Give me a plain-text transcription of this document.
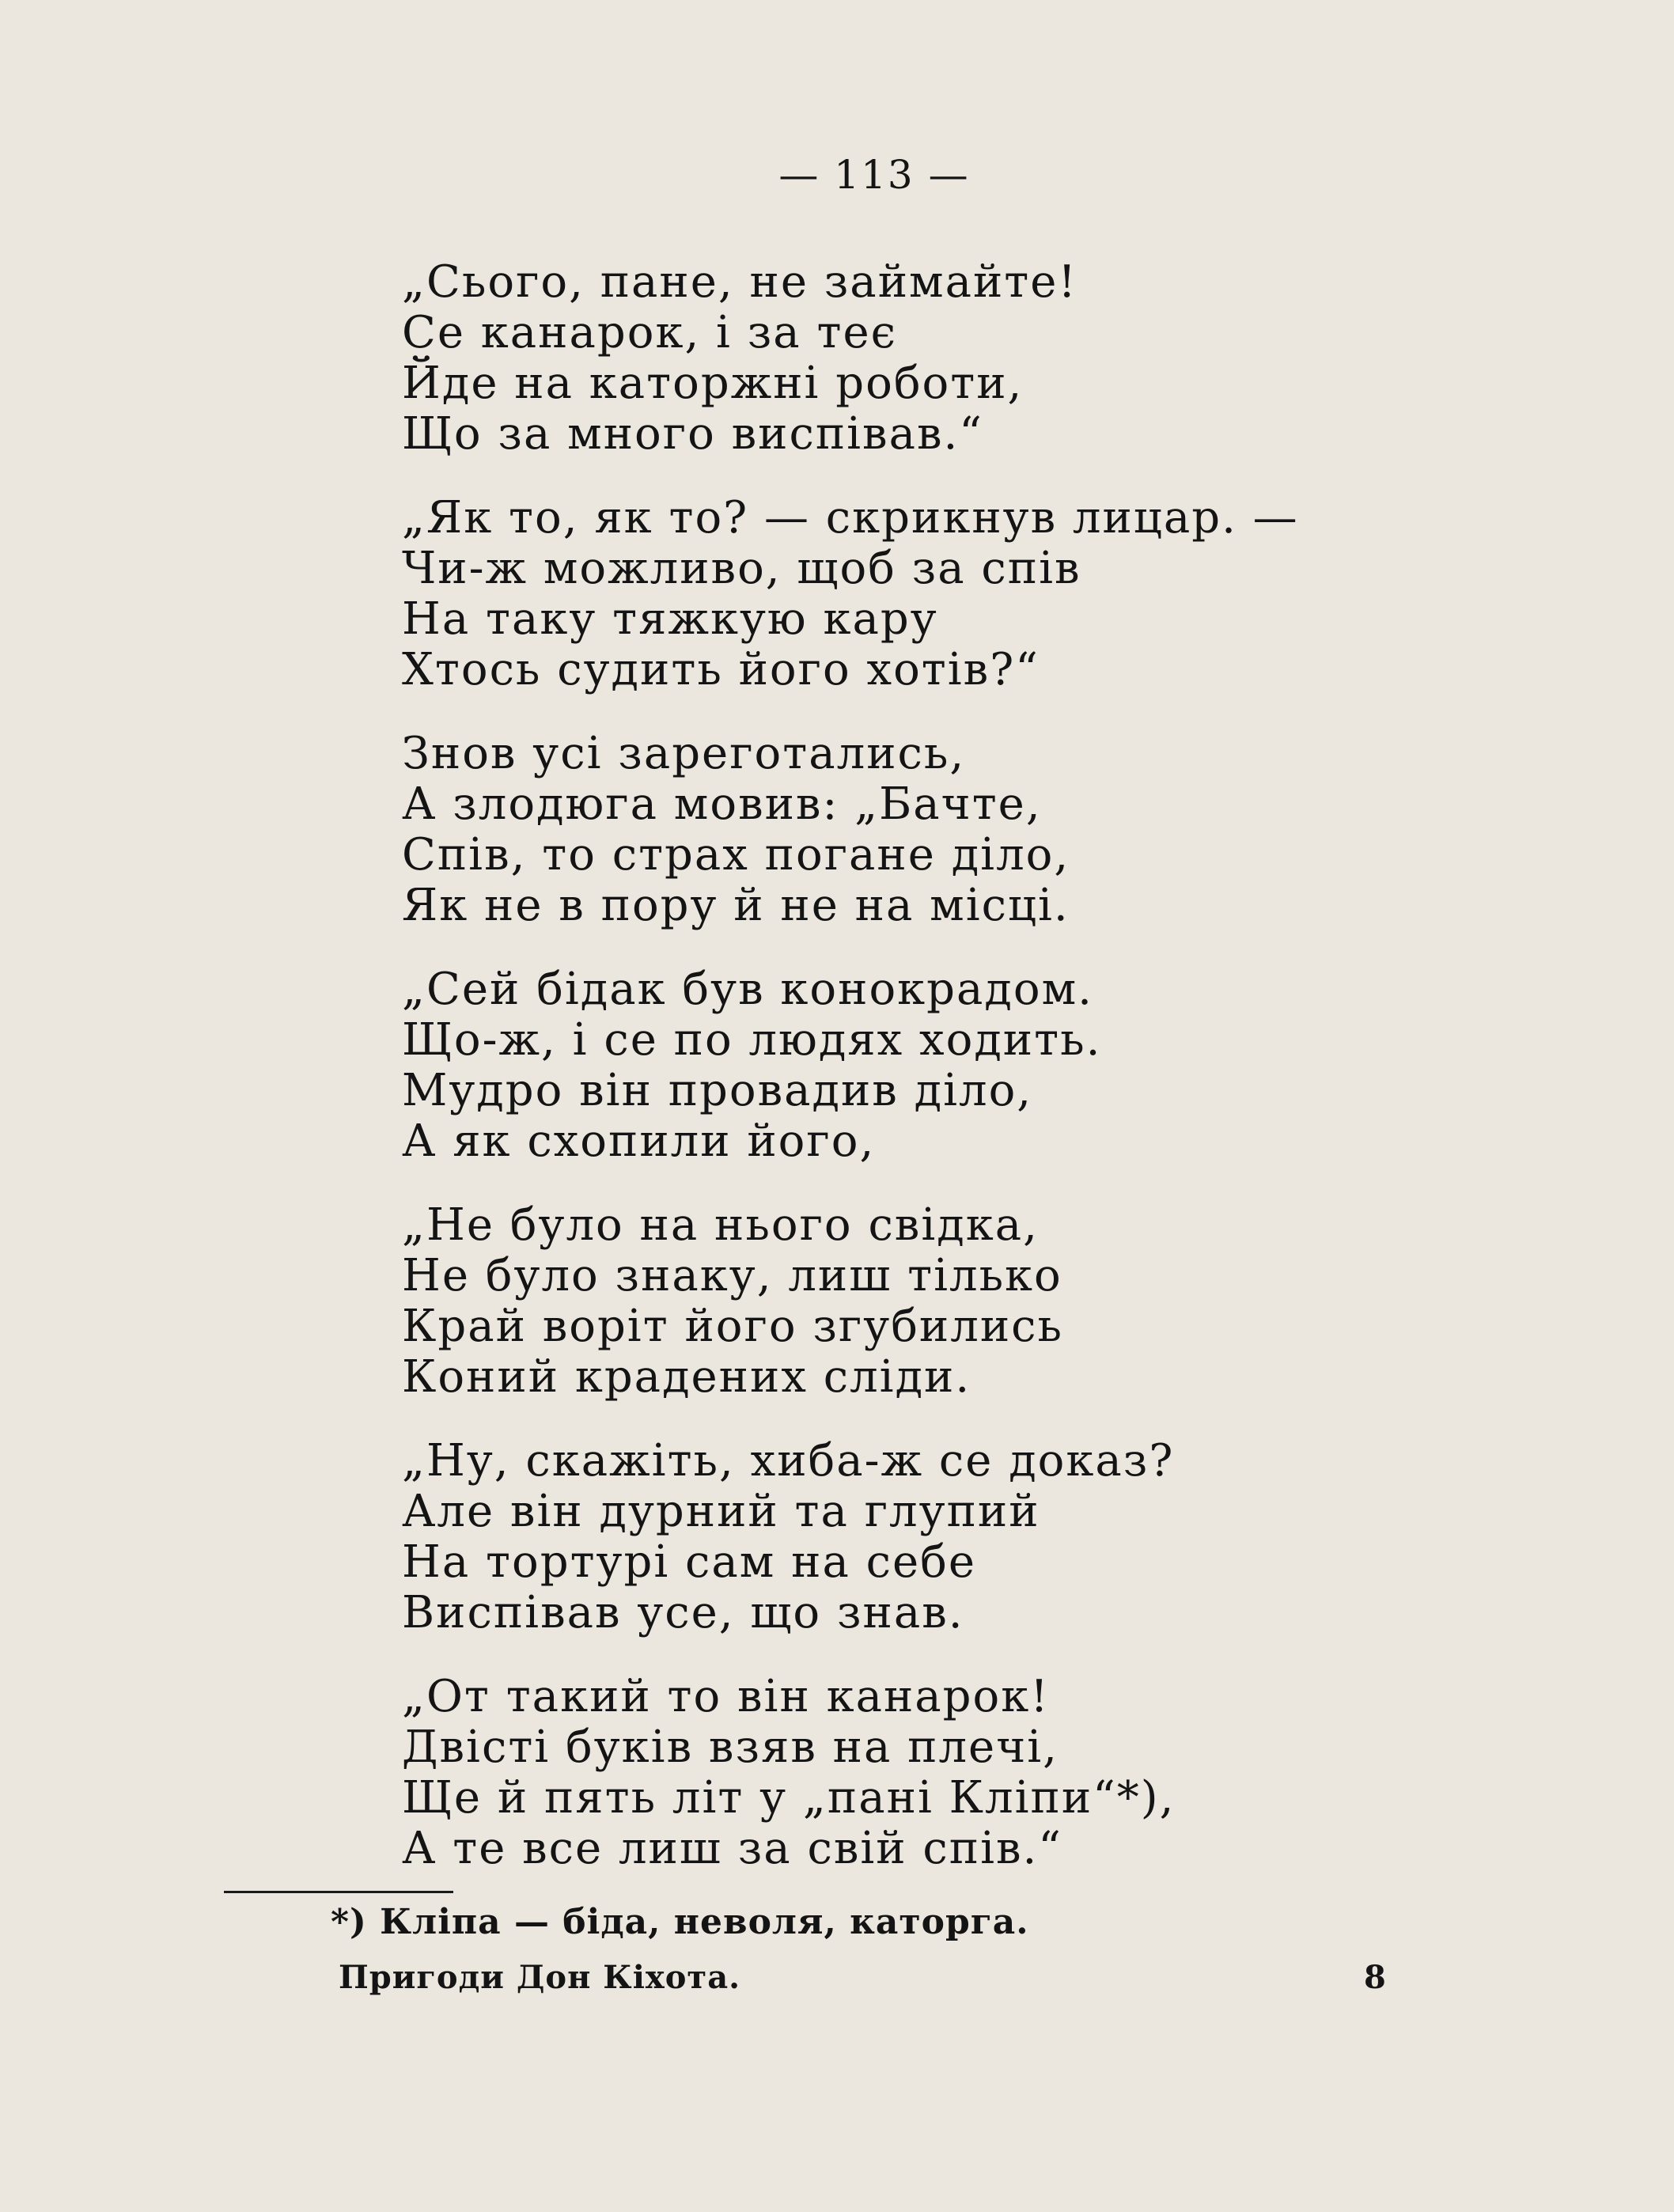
— 113 —
„Сього, пане, не займайте!
Се канарок, і за теє
Йде на каторжні роботи,
Що за много виспівав.“
„Як то, як то? — скрикнув лицар. —
Чи-ж можливо, щоб за спів
На таку тяжкую кару
Хтось судить його хотів?“
Знов усі зареготались,
А злодюга мовив: „Бачте,
Спів, то страх погане діло,
Як не в пору й не на місці.
„Сей бідак був конокрадом.
Що-ж, і се по людях ходить.
Мудро він провадив діло,
А як схопили його,
„Не було на нього свідка,
Не було знаку, лиш тілько
Край воріт його згубились
Коний крадених сліди.
„Ну, скажіть, хиба-ж се доказ?
Але він дурний та глупий
На тортурі сам на себе
Виспівав усе, що знав.
„От такий то він канарок!
Двісті буків взяв на плечі,
Ще й пять літ у „пані Кліпи“*),
А те все лиш за свій спів.“
*) Кліпа — біда, неволя, каторга.
Пригоди Дон Кіхота.	8
